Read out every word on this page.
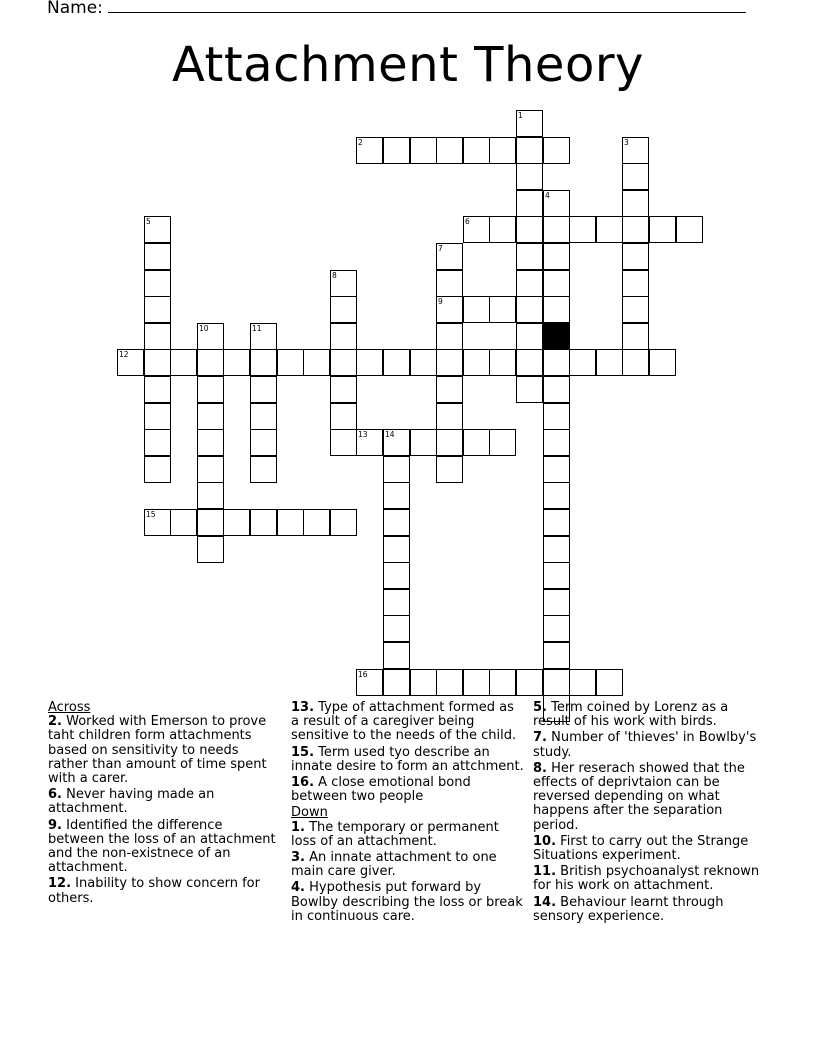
Name:
Attachment Theory
1
2	3
4
5	6
7
9
8
10	11
12
13 14
15
16
Across
2. Worked with Emerson to prove taht children form attachments based on sensitivity to needs rather than amount of time spent with a carer.
6. Never having made an attachment.
9. Identified the difference between the loss of an attachment and the non-existnece of an attachment.
12. Inability to show concern for others.
13. Type of attachment formed as a result of a caregiver being sensitive to the needs of the child.
15. Term used tyo describe an innate desire to form an attchment.
16. A close emotional bond between two people
Down
1. The temporary or permanent loss of an attachment.
3. An innate attachment to one main care giver.
4. Hypothesis put forward by Bowlby describing the loss or break in continuous care.
5. Term coined by Lorenz as a result of his work with birds.
7. Number of 'thieves' in Bowlby's study.
8. Her reserach showed that the effects of deprivtaion can be reversed depending on what happens after the separation period.
10. First to carry out the Strange Situations experiment.
11. British psychoanalyst reknown for his work on attachment.
14. Behaviour learnt through sensory experience.
